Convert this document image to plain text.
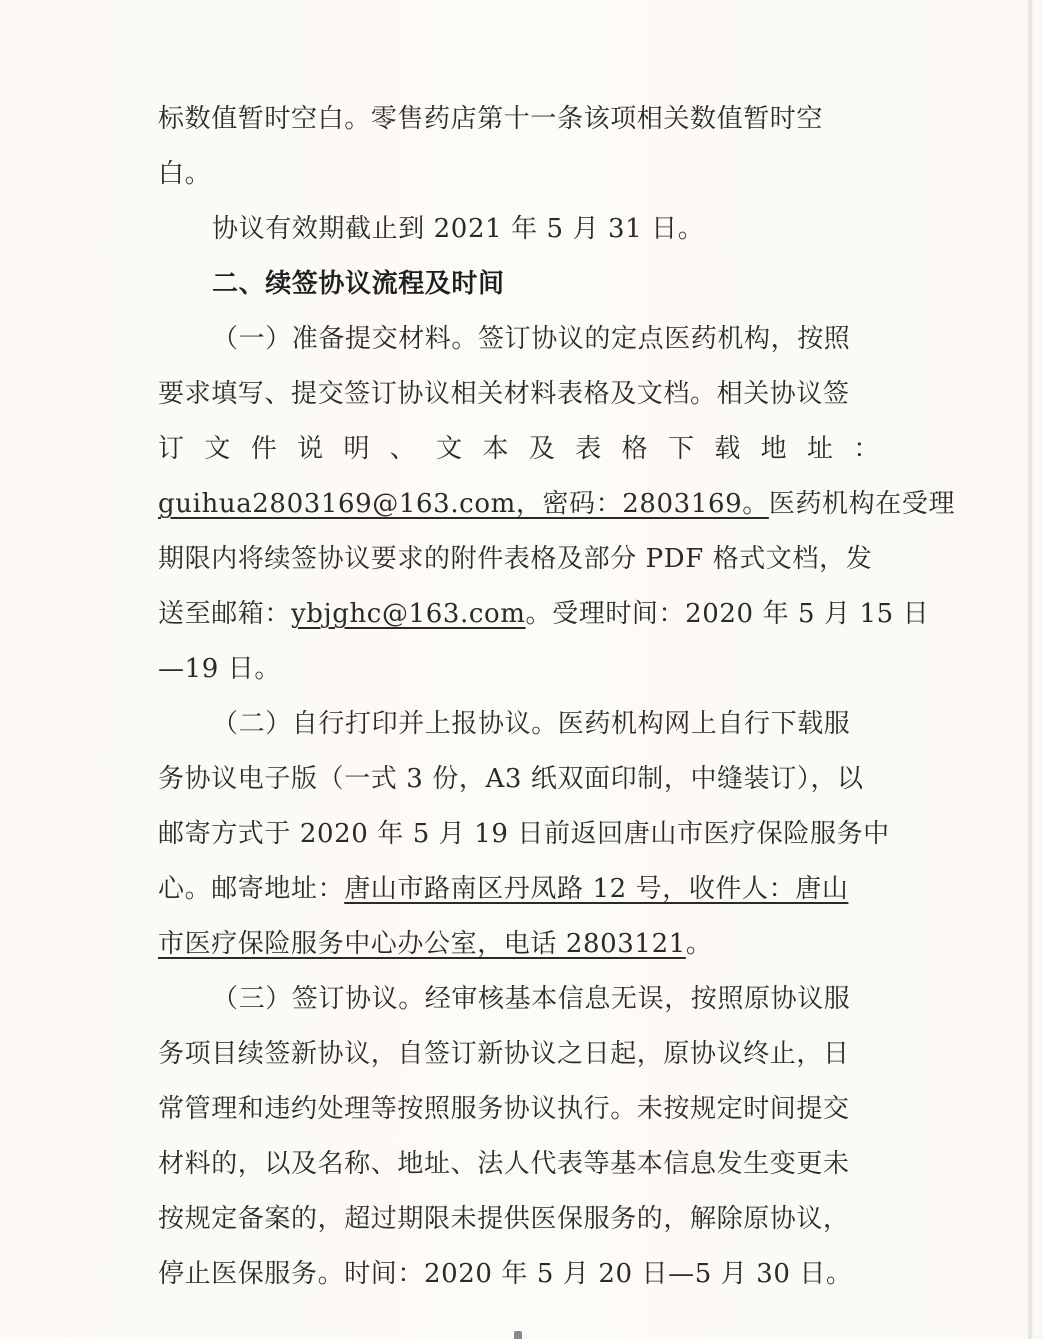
标数值暂时空白。零售药店第十一条该项相关数值暂时空
白。
协议有效期截止到 2021 年 5 月 31 日。
二、续签协议流程及时间
（一）准备提交材料。签订协议的定点医药机构，按照
要求填写、提交签订协议相关材料表格及文档。相关协议签
订 文 件 说 明 、 文 本 及 表 格 下 载 地 址 ：
guihua2803169@163.com，密码：2803169。医药机构在受理
期限内将续签协议要求的附件表格及部分 PDF 格式文档，发
送至邮箱：ybjghc@163.com。受理时间：2020 年 5 月 15 日
—19 日。
（二）自行打印并上报协议。医药机构网上自行下载服
务协议电子版（一式 3 份，A3 纸双面印制，中缝装订），以
邮寄方式于 2020 年 5 月 19 日前返回唐山市医疗保险服务中
心。邮寄地址：唐山市路南区丹凤路 12 号，收件人：唐山
市医疗保险服务中心办公室，电话 2803121。
（三）签订协议。经审核基本信息无误，按照原协议服
务项目续签新协议，自签订新协议之日起，原协议终止，日
常管理和违约处理等按照服务协议执行。未按规定时间提交
材料的，以及名称、地址、法人代表等基本信息发生变更未
按规定备案的，超过期限未提供医保服务的，解除原协议，
停止医保服务。时间：2020 年 5 月 20 日—5 月 30 日。
